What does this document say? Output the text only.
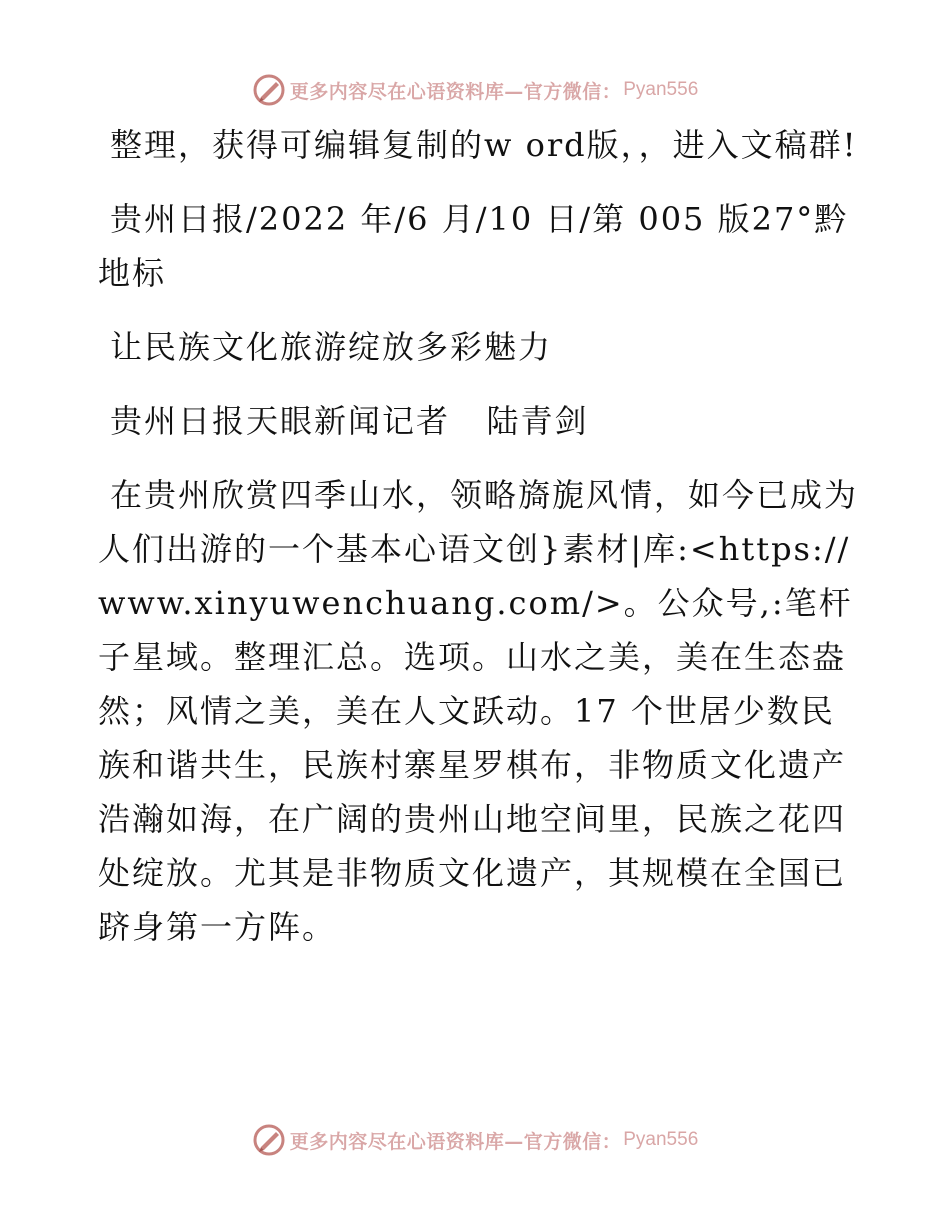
更多内容尽在心语资料库—官方微信： Pyan556

整理，获得可编辑复制的w ord版，，进入文稿群!

贵州日报/2022 年/6 月/10 日/第 005 版27°黔地标

让民族文化旅游绽放多彩魅力

贵州日报天眼新闻记者   陆青剑

在贵州欣赏四季山水，领略旖旎风情，如今已成为人们出游的一个基本心语文创}素材|库:<https://www.xinyuwenchuang.com/>。公众号,:笔杆子星域。整理汇总。选项。山水之美，美在生态盎然；风情之美，美在人文跃动。17 个世居少数民族和谐共生，民族村寨星罗棋布，非物质文化遗产浩瀚如海，在广阔的贵州山地空间里，民族之花四处绽放。尤其是非物质文化遗产，其规模在全国已跻身第一方阵。

更多内容尽在心语资料库—官方微信： Pyan556
